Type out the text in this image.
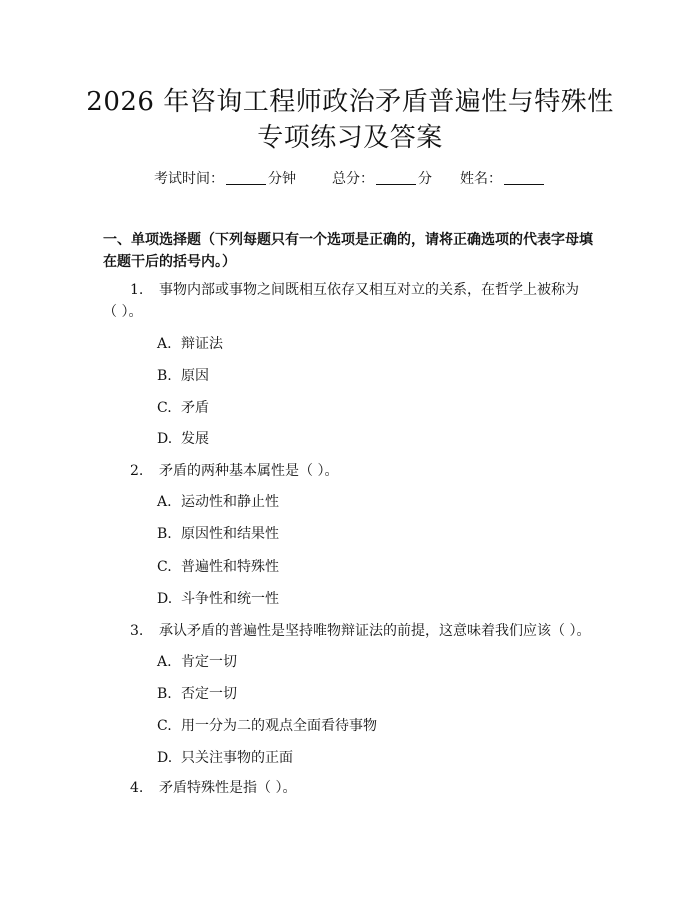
2026 年咨询工程师政治矛盾普遍性与特殊性
专项练习及答案
考试时间：	分钟	总分：	分 姓名：
一、单项选择题（下列每题只有一个选项是正确的，请将正确选项的代表字母填
在题干后的括号内。）
1. 事物内部或事物之间既相互依存又相互对立的关系，在哲学上被称为
（ ）。
A. 辩证法
B. 原因
C. 矛盾
D. 发展
2. 矛盾的两种基本属性是（ ）。
A. 运动性和静止性
B. 原因性和结果性
C. 普遍性和特殊性
D. 斗争性和统一性
3. 承认矛盾的普遍性是坚持唯物辩证法的前提，这意味着我们应该（ ）。
A. 肯定一切
B. 否定一切
C. 用一分为二的观点全面看待事物
D. 只关注事物的正面
4. 矛盾特殊性是指（ ）。
